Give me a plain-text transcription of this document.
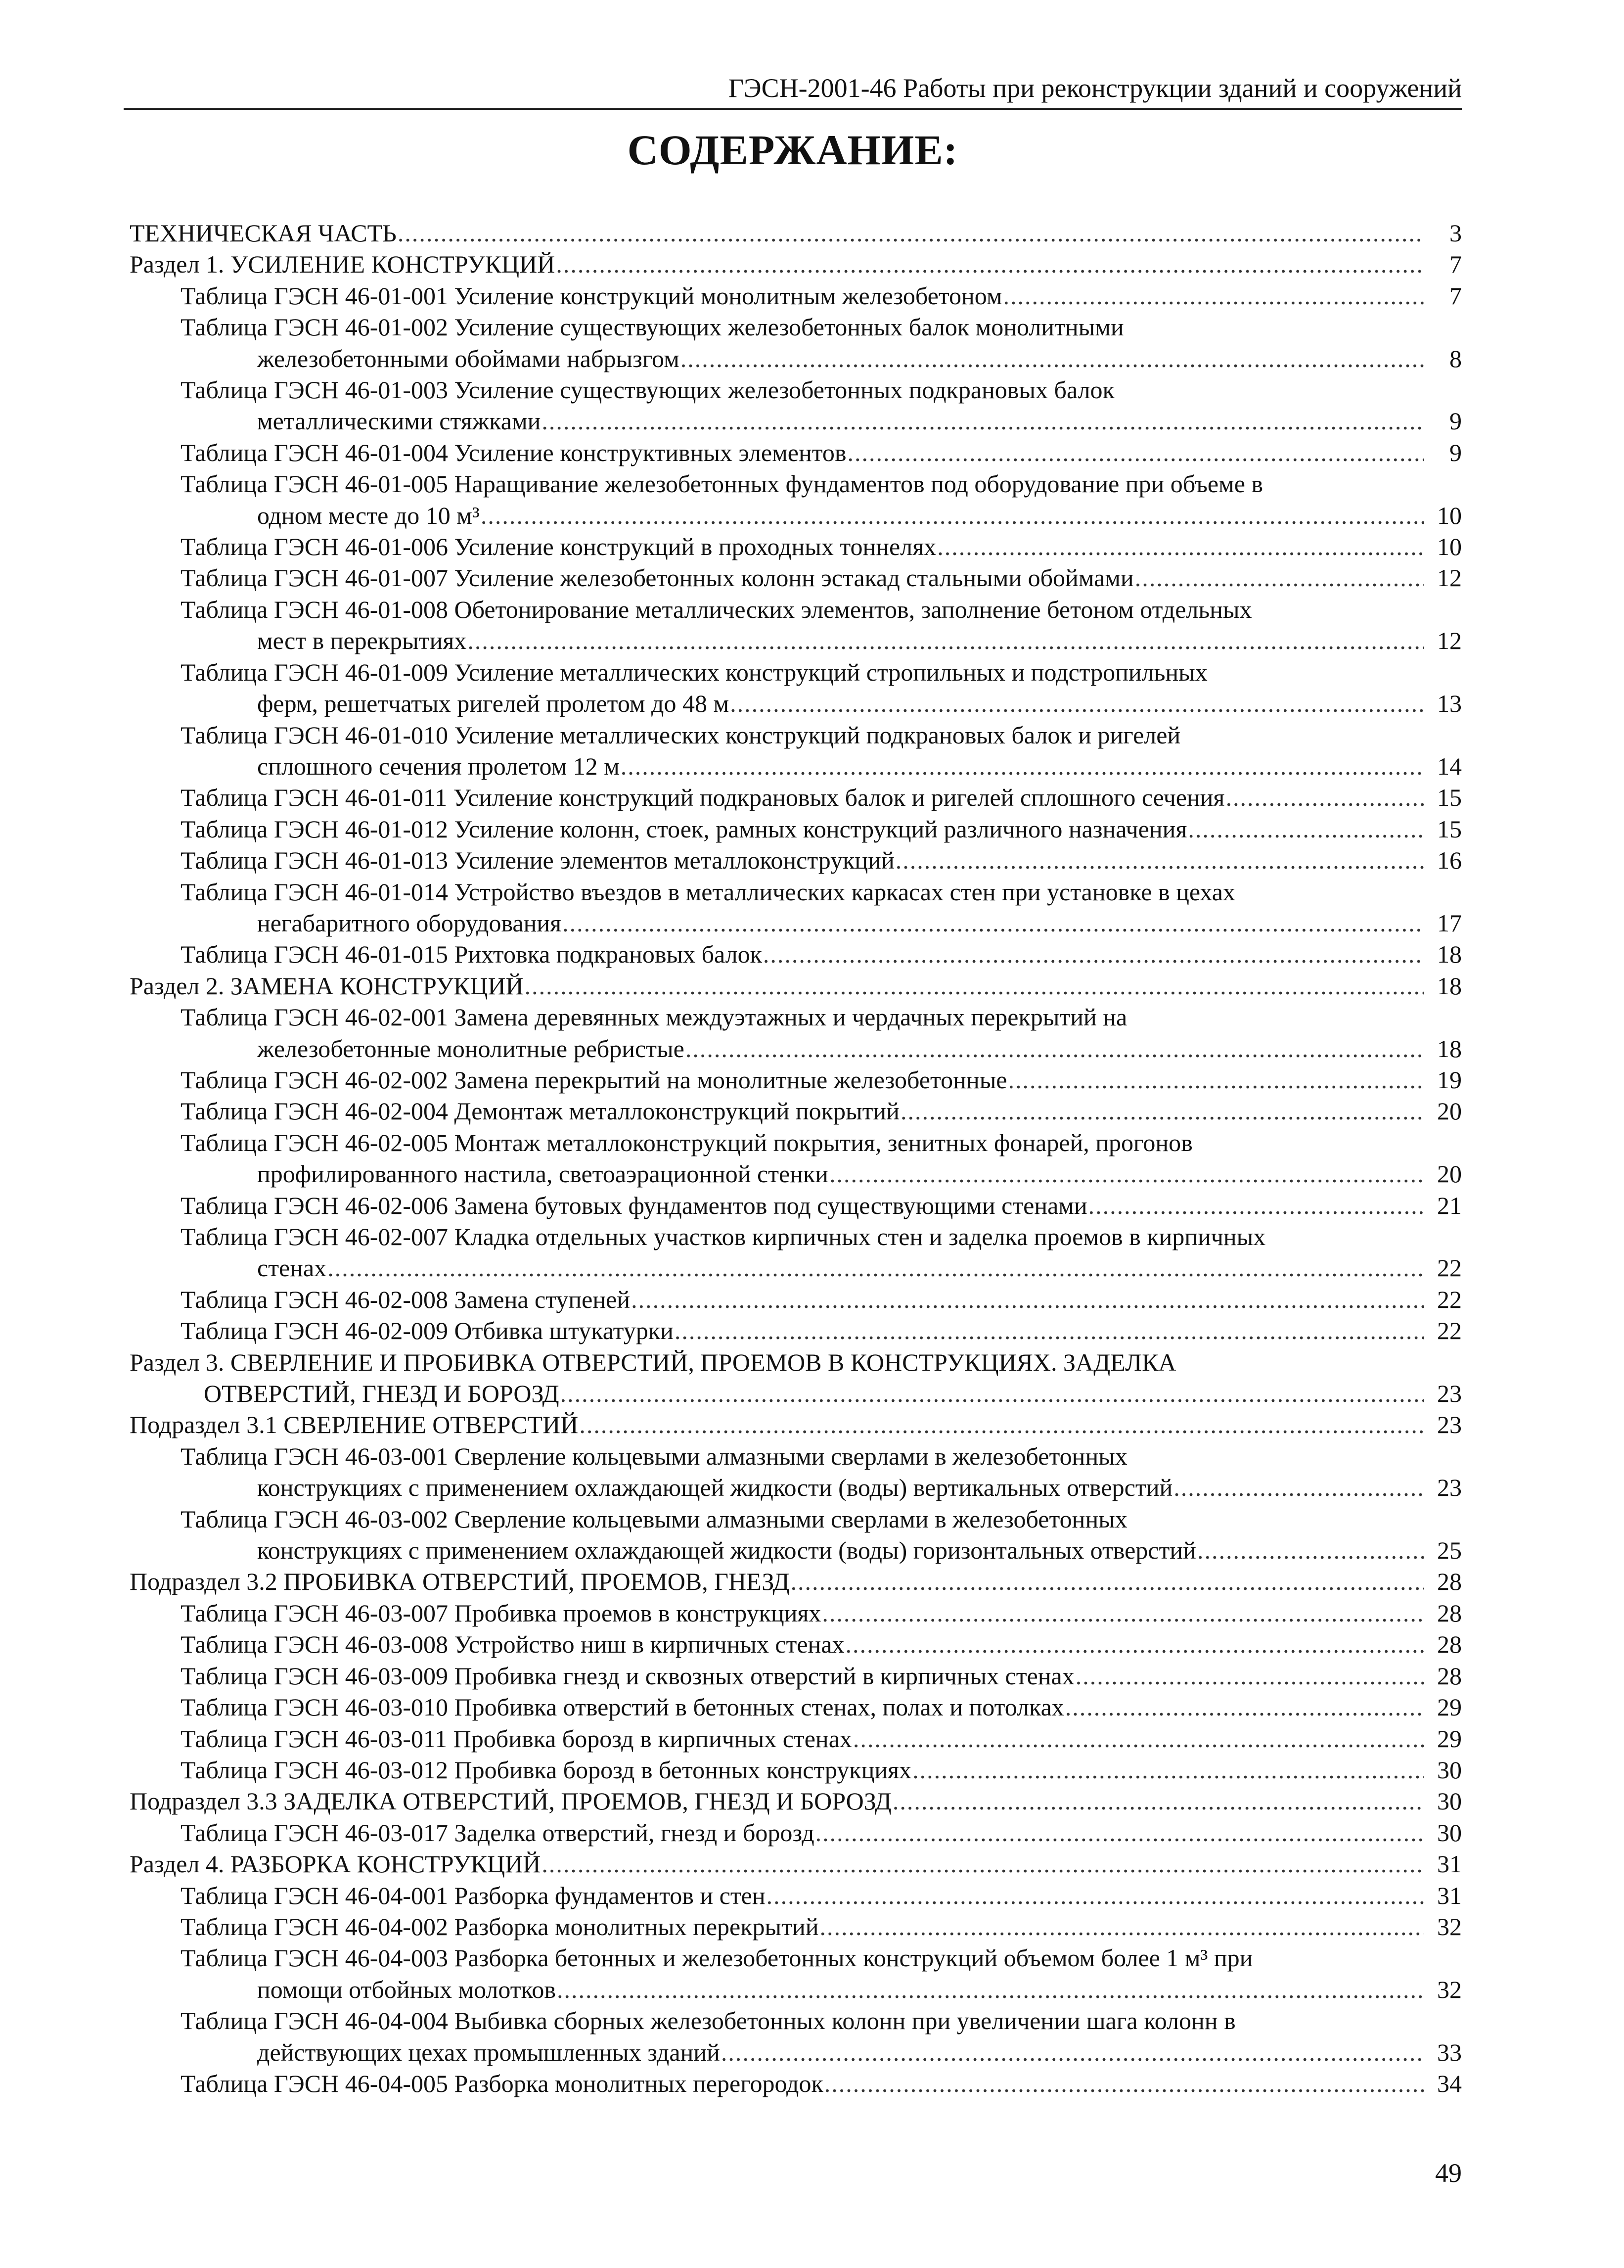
ГЭСН-2001-46 Работы при реконструкции зданий и сооружений
СОДЕРЖАНИЕ:
ТЕХНИЧЕСКАЯ ЧАСТЬ .....	3
Раздел 1. УСИЛЕНИЕ КОНСТРУКЦИЙ .....	7
Таблица ГЭСН 46-01-001 Усиление конструкций монолитным железобетоном .....	7
Таблица ГЭСН 46-01-002 Усиление существующих железобетонных балок монолитными
железобетонными обоймами набрызгом .....	8
Таблица ГЭСН 46-01-003 Усиление существующих железобетонных подкрановых балок
металлическими стяжками .....	9
Таблица ГЭСН 46-01-004 Усиление конструктивных элементов .....	9
Таблица ГЭСН 46-01-005 Наращивание железобетонных фундаментов под оборудование при объеме в
одном месте до 10 м³ .....	10
Таблица ГЭСН 46-01-006 Усиление конструкций в проходных тоннелях .....	10
Таблица ГЭСН 46-01-007 Усиление железобетонных колонн эстакад стальными обоймами .....	12
Таблица ГЭСН 46-01-008 Обетонирование металлических элементов, заполнение бетоном отдельных
мест в перекрытиях .....	12
Таблица ГЭСН 46-01-009 Усиление металлических конструкций стропильных и подстропильных
ферм, решетчатых ригелей пролетом до 48 м .....	13
Таблица ГЭСН 46-01-010 Усиление металлических конструкций подкрановых балок и ригелей
сплошного сечения пролетом 12 м .....	14
Таблица ГЭСН 46-01-011 Усиление конструкций подкрановых балок и ригелей сплошного сечения .....	15
Таблица ГЭСН 46-01-012 Усиление колонн, стоек, рамных конструкций различного назначения .....	15
Таблица ГЭСН 46-01-013 Усиление элементов металлоконструкций .....	16
Таблица ГЭСН 46-01-014 Устройство въездов в металлических каркасах стен при установке в цехах
негабаритного оборудования .....	17
Таблица ГЭСН 46-01-015 Рихтовка подкрановых балок .....	18
Раздел 2. ЗАМЕНА КОНСТРУКЦИЙ .....	18
Таблица ГЭСН 46-02-001 Замена деревянных междуэтажных и чердачных перекрытий на
железобетонные монолитные ребристые .....	18
Таблица ГЭСН 46-02-002 Замена перекрытий на монолитные железобетонные .....	19
Таблица ГЭСН 46-02-004 Демонтаж металлоконструкций покрытий .....	20
Таблица ГЭСН 46-02-005 Монтаж металлоконструкций покрытия, зенитных фонарей, прогонов
профилированного настила, светоаэрационной стенки .....	20
Таблица ГЭСН 46-02-006 Замена бутовых фундаментов под существующими стенами .....	21
Таблица ГЭСН 46-02-007 Кладка отдельных участков кирпичных стен и заделка проемов в кирпичных
стенах .....	22
Таблица ГЭСН 46-02-008 Замена ступеней .....	22
Таблица ГЭСН 46-02-009 Отбивка штукатурки .....	22
Раздел 3. СВЕРЛЕНИЕ И ПРОБИВКА ОТВЕРСТИЙ, ПРОЕМОВ В КОНСТРУКЦИЯХ. ЗАДЕЛКА
ОТВЕРСТИЙ, ГНЕЗД И БОРОЗД .....	23
Подраздел 3.1 СВЕРЛЕНИЕ ОТВЕРСТИЙ .....	23
Таблица ГЭСН 46-03-001 Сверление кольцевыми алмазными сверлами в железобетонных
конструкциях с применением охлаждающей жидкости (воды) вертикальных отверстий .....	23
Таблица ГЭСН 46-03-002 Сверление кольцевыми алмазными сверлами в железобетонных
конструкциях с применением охлаждающей жидкости (воды) горизонтальных отверстий .....	25
Подраздел 3.2 ПРОБИВКА ОТВЕРСТИЙ, ПРОЕМОВ, ГНЕЗД .....	28
Таблица ГЭСН 46-03-007 Пробивка проемов в конструкциях .....	28
Таблица ГЭСН 46-03-008 Устройство ниш в кирпичных стенах .....	28
Таблица ГЭСН 46-03-009 Пробивка гнезд и сквозных отверстий в кирпичных стенах .....	28
Таблица ГЭСН 46-03-010 Пробивка отверстий в бетонных стенах, полах и потолках .....	29
Таблица ГЭСН 46-03-011 Пробивка борозд в кирпичных стенах .....	29
Таблица ГЭСН 46-03-012 Пробивка борозд в бетонных конструкциях .....	30
Подраздел 3.3 ЗАДЕЛКА ОТВЕРСТИЙ, ПРОЕМОВ, ГНЕЗД И БОРОЗД .....	30
Таблица ГЭСН 46-03-017 Заделка отверстий, гнезд и борозд .....	30
Раздел 4. РАЗБОРКА КОНСТРУКЦИЙ .....	31
Таблица ГЭСН 46-04-001 Разборка фундаментов и стен .....	31
Таблица ГЭСН 46-04-002 Разборка монолитных перекрытий .....	32
Таблица ГЭСН 46-04-003 Разборка бетонных и железобетонных конструкций объемом более 1 м³ при
помощи отбойных молотков .....	32
Таблица ГЭСН 46-04-004 Выбивка сборных железобетонных колонн при увеличении шага колонн в
действующих цехах промышленных зданий .....	33
Таблица ГЭСН 46-04-005 Разборка монолитных перегородок .....	34
49
